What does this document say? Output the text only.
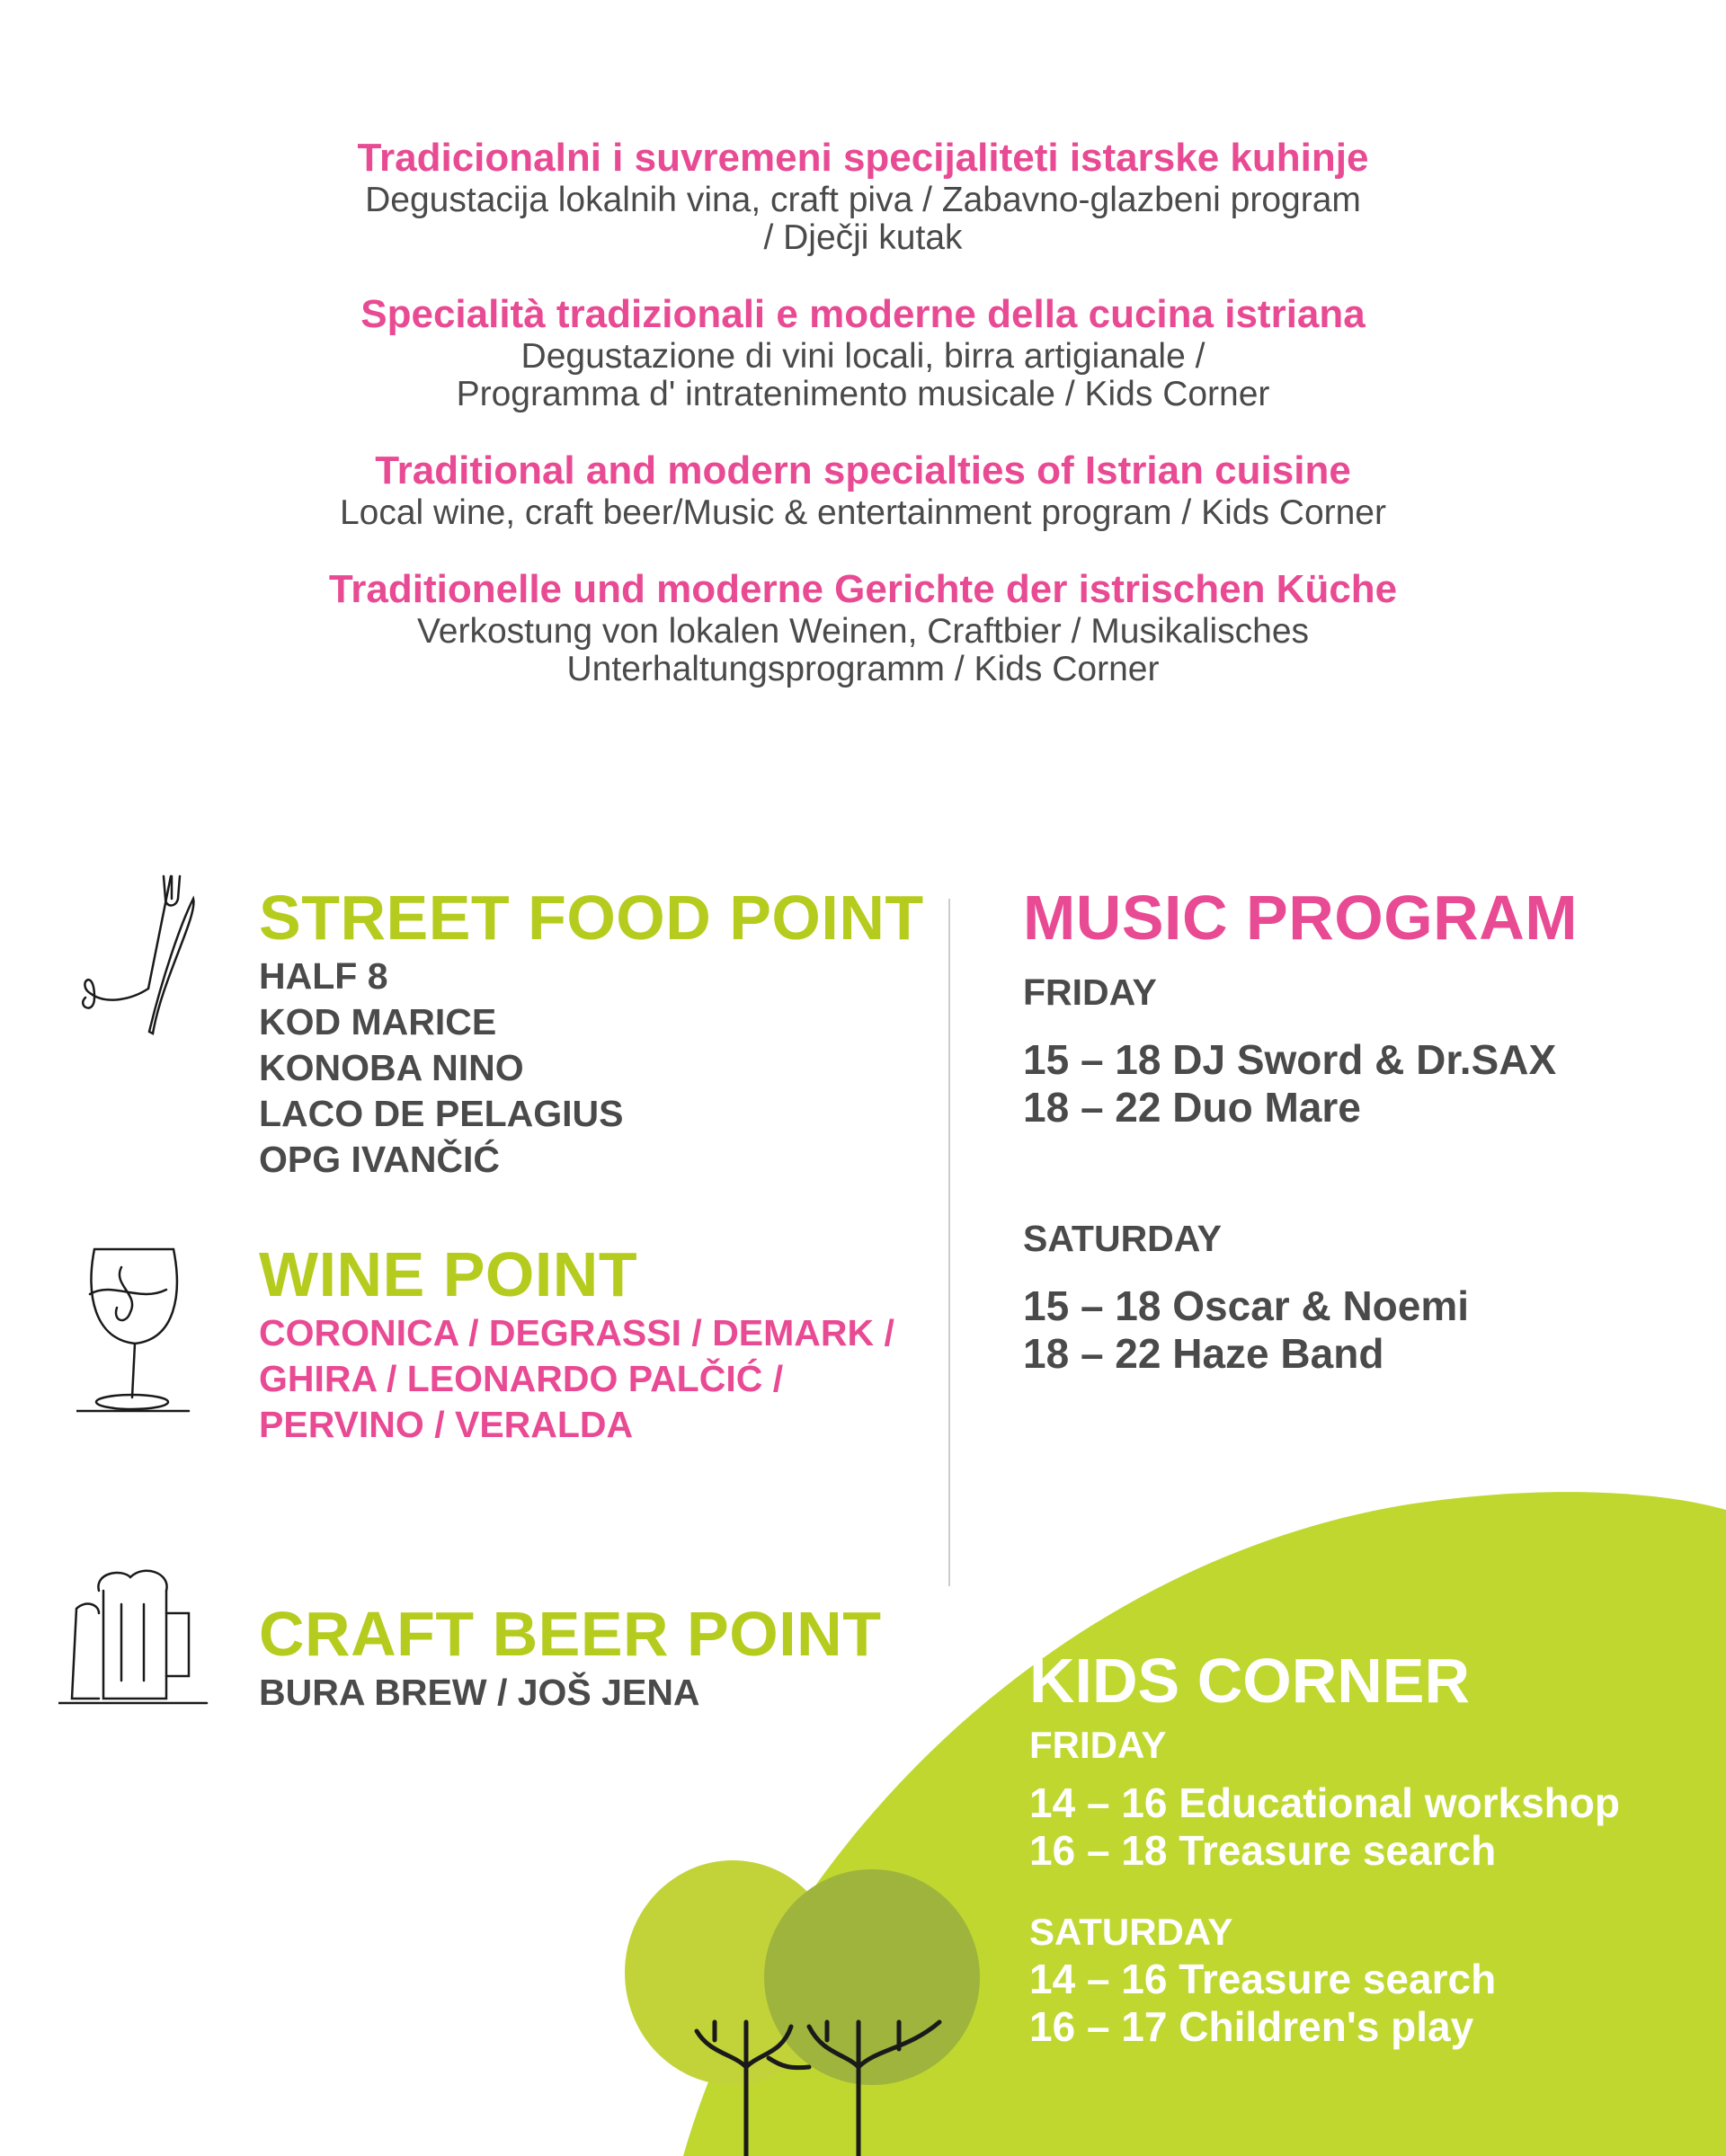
Tradicionalni i suvremeni specijaliteti istarske kuhinje
Degustacija lokalnih vina, craft piva / Zabavno-glazbeni program
/ Dječji kutak
Specialità tradizionali e moderne della cucina istriana
Degustazione di vini locali, birra artigianale /
Programma d' intratenimento musicale / Kids Corner
Traditional and modern specialties of Istrian cuisine
Local wine, craft beer/Music & entertainment program / Kids Corner
Traditionelle und moderne Gerichte der istrischen Küche
Verkostung von lokalen Weinen, Craftbier / Musikalisches
Unterhaltungsprogramm / Kids Corner
STREET FOOD POINT
HALF 8
KOD MARICE
KONOBA NINO
LACO DE PELAGIUS
OPG IVANČIĆ
WINE POINT
CORONICA / DEGRASSI / DEMARK /
GHIRA / LEONARDO PALČIĆ /
PERVINO / VERALDA
CRAFT BEER POINT
BURA BREW / JOŠ JENA
MUSIC PROGRAM
FRIDAY
15 – 18 DJ Sword & Dr.SAX
18 – 22 Duo Mare
SATURDAY
15 – 18 Oscar & Noemi
18 – 22 Haze Band
KIDS CORNER
FRIDAY
14 – 16 Educational workshop
16 – 18 Treasure search
SATURDAY
14 – 16 Treasure search
16 – 17 Children's play
